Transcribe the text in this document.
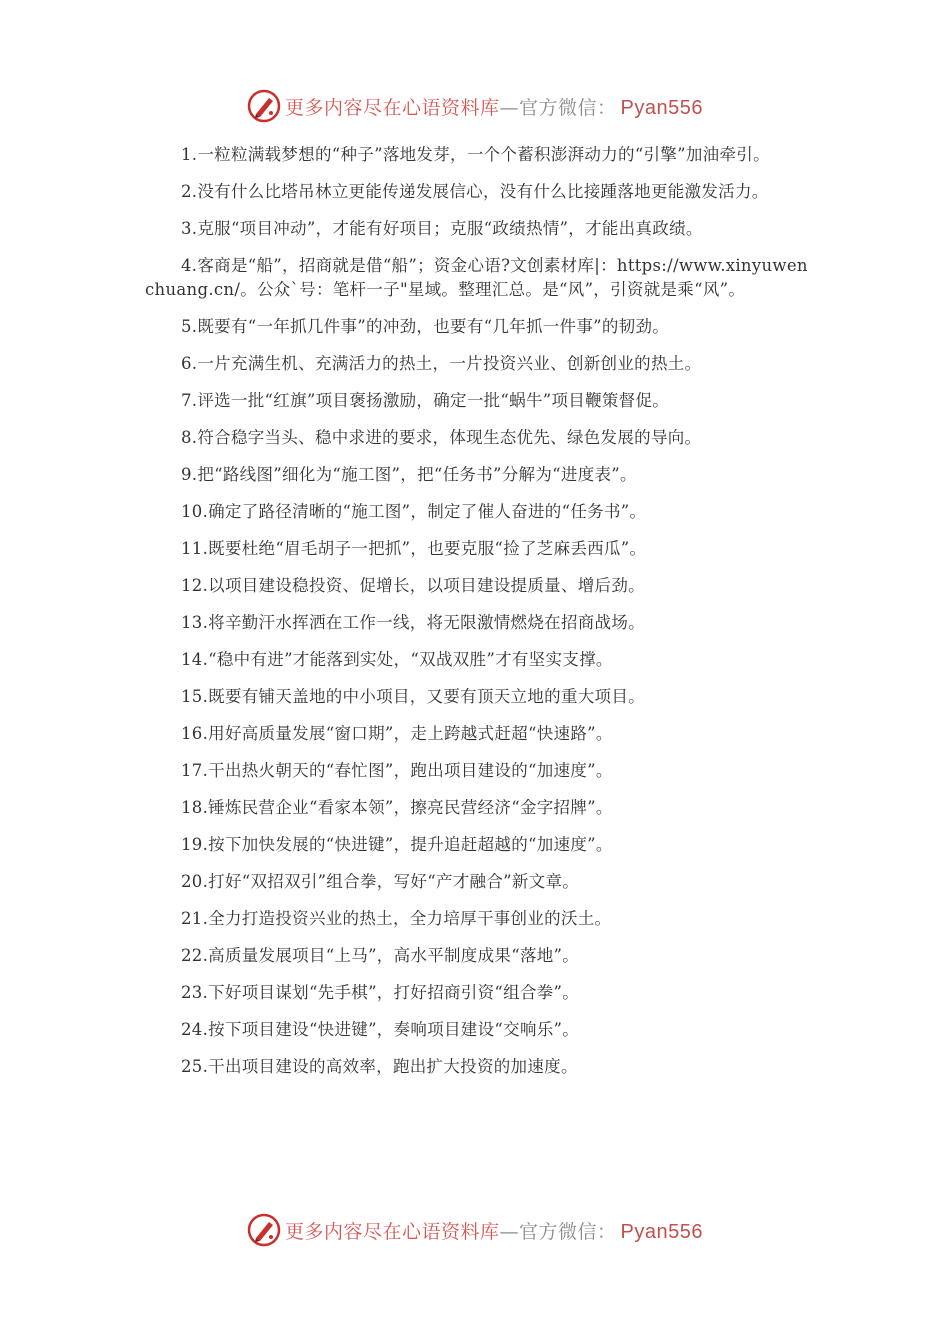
更多内容尽在心语资料库—官方微信： Pyan556

1.一粒粒满载梦想的“种子”落地发芽，一个个蓄积澎湃动力的“引擎”加油牵引。

2.没有什么比塔吊林立更能传递发展信心，没有什么比接踵落地更能激发活力。

3.克服“项目冲动”，才能有好项目；克服“政绩热情”，才能出真政绩。

4.客商是“船”，招商就是借“船”；资金心语?文创素材库|：https://www.xinyuwenchuang.cn/。公众`号：笔杆一子"星域。整理汇总。是“风”，引资就是乘“风”。

5.既要有“一年抓几件事”的冲劲，也要有“几年抓一件事”的韧劲。

6.一片充满生机、充满活力的热土，一片投资兴业、创新创业的热土。

7.评选一批“红旗”项目褒扬激励，确定一批“蜗牛”项目鞭策督促。

8.符合稳字当头、稳中求进的要求，体现生态优先、绿色发展的导向。

9.把“路线图”细化为“施工图”，把“任务书”分解为“进度表”。

10.确定了路径清晰的“施工图”，制定了催人奋进的“任务书”。

11.既要杜绝“眉毛胡子一把抓”，也要克服“捡了芝麻丢西瓜”。

12.以项目建设稳投资、促增长，以项目建设提质量、增后劲。

13.将辛勤汗水挥洒在工作一线，将无限激情燃烧在招商战场。

14.“稳中有进”才能落到实处，“双战双胜”才有坚实支撑。

15.既要有铺天盖地的中小项目，又要有顶天立地的重大项目。

16.用好高质量发展“窗口期”，走上跨越式赶超“快速路”。

17.干出热火朝天的“春忙图”，跑出项目建设的“加速度”。

18.锤炼民营企业“看家本领”，擦亮民营经济“金字招牌”。

19.按下加快发展的“快进键”，提升追赶超越的“加速度”。

20.打好“双招双引”组合拳，写好“产才融合”新文章。

21.全力打造投资兴业的热土，全力培厚干事创业的沃土。

22.高质量发展项目“上马”，高水平制度成果“落地”。

23.下好项目谋划“先手棋”，打好招商引资“组合拳”。

24.按下项目建设“快进键”，奏响项目建设“交响乐”。

25.干出项目建设的高效率，跑出扩大投资的加速度。

更多内容尽在心语资料库—官方微信： Pyan556
